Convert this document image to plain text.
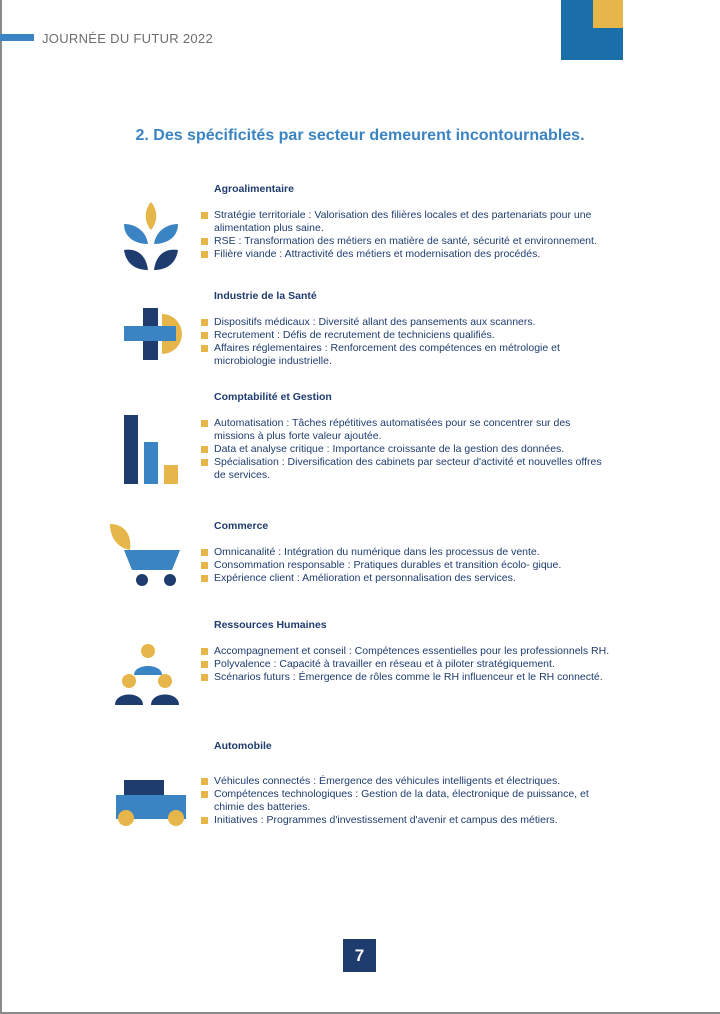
JOURNÉE DU FUTUR 2022
2. Des spécificités par secteur demeurent incontournables.
Agroalimentaire
Stratégie territoriale : Valorisation des filières locales et des partenariats pour une alimentation plus saine.
RSE : Transformation des métiers en matière de santé, sécurité et environnement.
Filière viande : Attractivité des métiers et modernisation des procédés.
Industrie de la Santé
Dispositifs médicaux : Diversité allant des pansements aux scanners.
Recrutement : Défis de recrutement de techniciens qualifiés.
Affaires réglementaires : Renforcement des compétences en métrologie et microbiologie industrielle.
Comptabilité et Gestion
Automatisation : Tâches répétitives automatisées pour se concentrer sur des missions à plus forte valeur ajoutée.
Data et analyse critique : Importance croissante de la gestion des données.
Spécialisation : Diversification des cabinets par secteur d'activité et nouvelles offres de services.
Commerce
Omnicanalité : Intégration du numérique dans les processus de vente.
Consommation responsable : Pratiques durables et transition écolo- gique.
Expérience client : Amélioration et personnalisation des services.
Ressources Humaines
Accompagnement et conseil : Compétences essentielles pour les professionnels RH.
Polyvalence : Capacité à travailler en réseau et à piloter stratégiquement.
Scénarios futurs : Émergence de rôles comme le RH influenceur et le RH connecté.
Automobile
Véhicules connectés : Émergence des véhicules intelligents et électriques.
Compétences technologiques : Gestion de la data, électronique de puissance, et chimie des batteries.
Initiatives : Programmes d'investissement d'avenir et campus des métiers.
7
